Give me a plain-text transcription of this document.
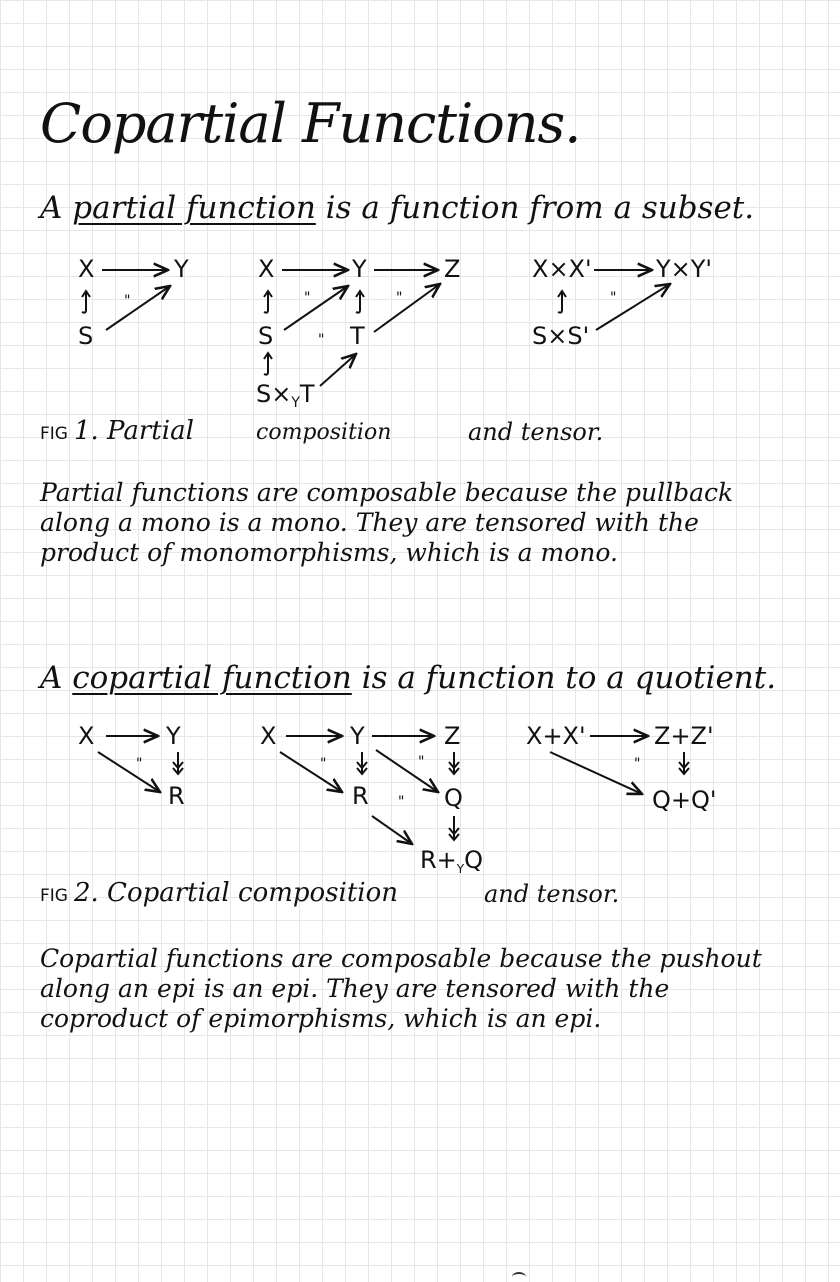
Copartial Functions.
A partial function is a function from a subset.
X	Y
"
S
X	Y	Z
"	"
S	" T
$S\times_YT$
X×X'	Y×Y'
"
S×S'
FIG 1. Partial	composition	and tensor.
Partial functions are composable because the pullback along a mono is a mono. They are tensored with the product of monomorphisms, which is a mono.
A copartial function is a function to a quotient.
X	Y
"
R
X	Y	Z
"	"
R " Q
$R+_YQ$
X+X'	Z+Z'
"
Q+Q'
FIG 2. Copartial composition	and tensor.
Copartial functions are composable because the pushout along an epi is an epi. They are tensored with the coproduct of epimorphisms, which is an epi.
